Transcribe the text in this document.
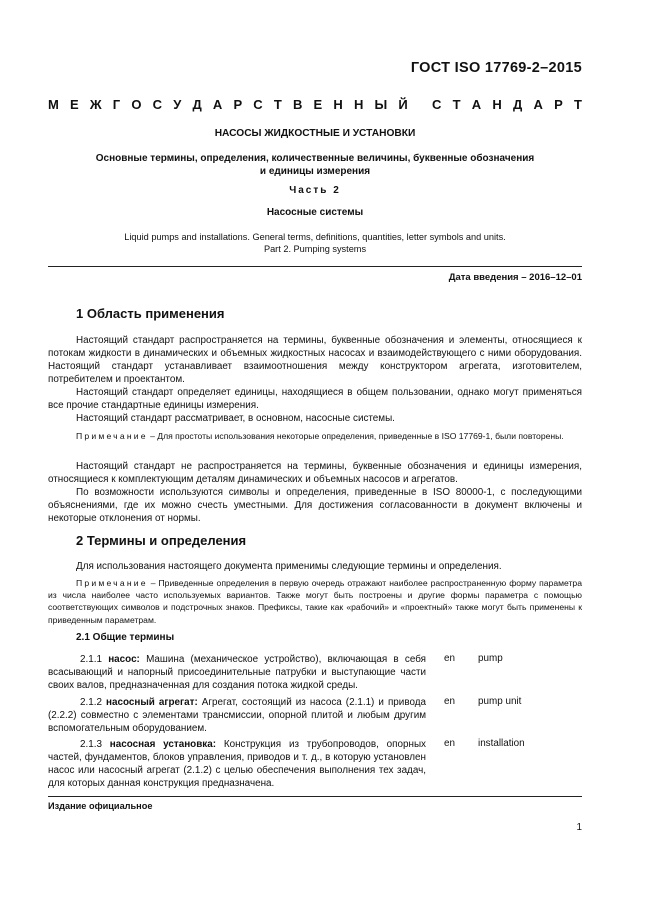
ГОСТ ISO 17769-2–2015
М Е Ж Г О С У Д А Р С Т В Е Н Н Ы Й С Т А Н Д А Р Т
НАСОСЫ ЖИДКОСТНЫЕ И УСТАНОВКИ
Основные термины, определения, количественные величины, буквенные обозначения
и единицы измерения
Часть 2
Насосные системы
Liquid pumps and installations. General terms, definitions, quantities, letter symbols and units.
Part 2. Pumping systems
Дата введения – 2016–12–01
1 Область применения
Настоящий стандарт распространяется на термины, буквенные обозначения и элементы, относящиеся к потокам жидкости в динамических и объемных жидкостных насосах и взаимодействующего с ними оборудования. Настоящий стандарт устанавливает взаимоотношения между конструктором агрегата, изготовителем, потребителем и проектантом.
Настоящий стандарт определяет единицы, находящиеся в общем пользовании, однако могут применяться все прочие стандартные единицы измерения.
Настоящий стандарт рассматривает, в основном, насосные системы.
Примечание – Для простоты использования некоторые определения, приведенные в ISO 17769-1, были повторены.
Настоящий стандарт не распространяется на термины, буквенные обозначения и единицы измерения, относящиеся к комплектующим деталям динамических и объемных насосов и агрегатов.
По возможности используются символы и определения, приведенные в ISO 80000-1, с последующими объяснениями, где их можно счесть уместными. Для достижения согласованности в документ включены и некоторые отклонения от нормы.
2 Термины и определения
Для использования настоящего документа применимы следующие термины и определения.
Примечание – Приведенные определения в первую очередь отражают наиболее распространенную форму параметра из числа наиболее часто используемых вариантов. Также могут быть построены и другие формы параметра с помощью соответствующих символов и подстрочных знаков. Префиксы, такие как «рабочий» и «проектный» также могут быть применены к приведенным параметрам.
2.1 Общие термины
2.1.1 насос: Машина (механическое устройство), включающая в себя всасывающий и напорный присоединительные патрубки и выступающие части своих валов, предназначенная для создания потока жидкой среды.
en pump
2.1.2 насосный агрегат: Агрегат, состоящий из насоса (2.1.1) и привода (2.2.2) совместно с элементами трансмиссии, опорной плитой и любым другим вспомогательным оборудованием.
en pump unit
2.1.3 насосная установка: Конструкция из трубопроводов, опорных частей, фундаментов, блоков управления, приводов и т. д., в которую установлен насос или насосный агрегат (2.1.2) с целью обеспечения выполнения тех задач, для которых данная конструкция предназначена.
en installation
Издание официальное
1
